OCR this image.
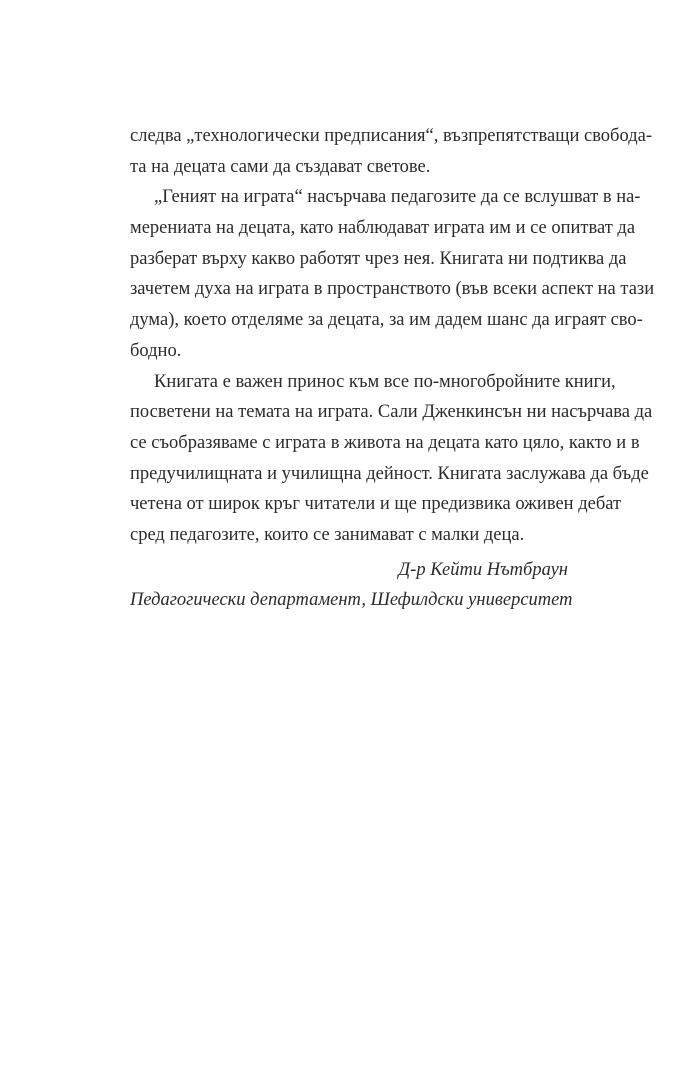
следва „технологически предписания“, възпрепятстващи свобода-
та на децата сами да създават светове.
„Геният на играта“ насърчава педагозите да се вслушват в на-
мерениата на децата, като наблюдават играта им и се опитват да
разберат върху какво работят чрез нея. Книгата ни подтиква да
зачетем духа на играта в пространството (във всеки аспект на тази
дума), което отделяме за децата, за им дадем шанс да играят сво-
бодно.
Книгата е важен принос към все по-многобройните книги,
посветени на темата на играта. Сали Дженкинсън ни насърчава да
се съобразяваме с играта в живота на децата като цяло, както и в
предучилищната и училищна дейност. Книгата заслужава да бъде
четена от широк кръг читатели и ще предизвика оживен дебат
сред педагозите, които се занимават с малки деца.
Д-р Кейти Нътбраун
Педагогически департамент, Шефилдски университет
